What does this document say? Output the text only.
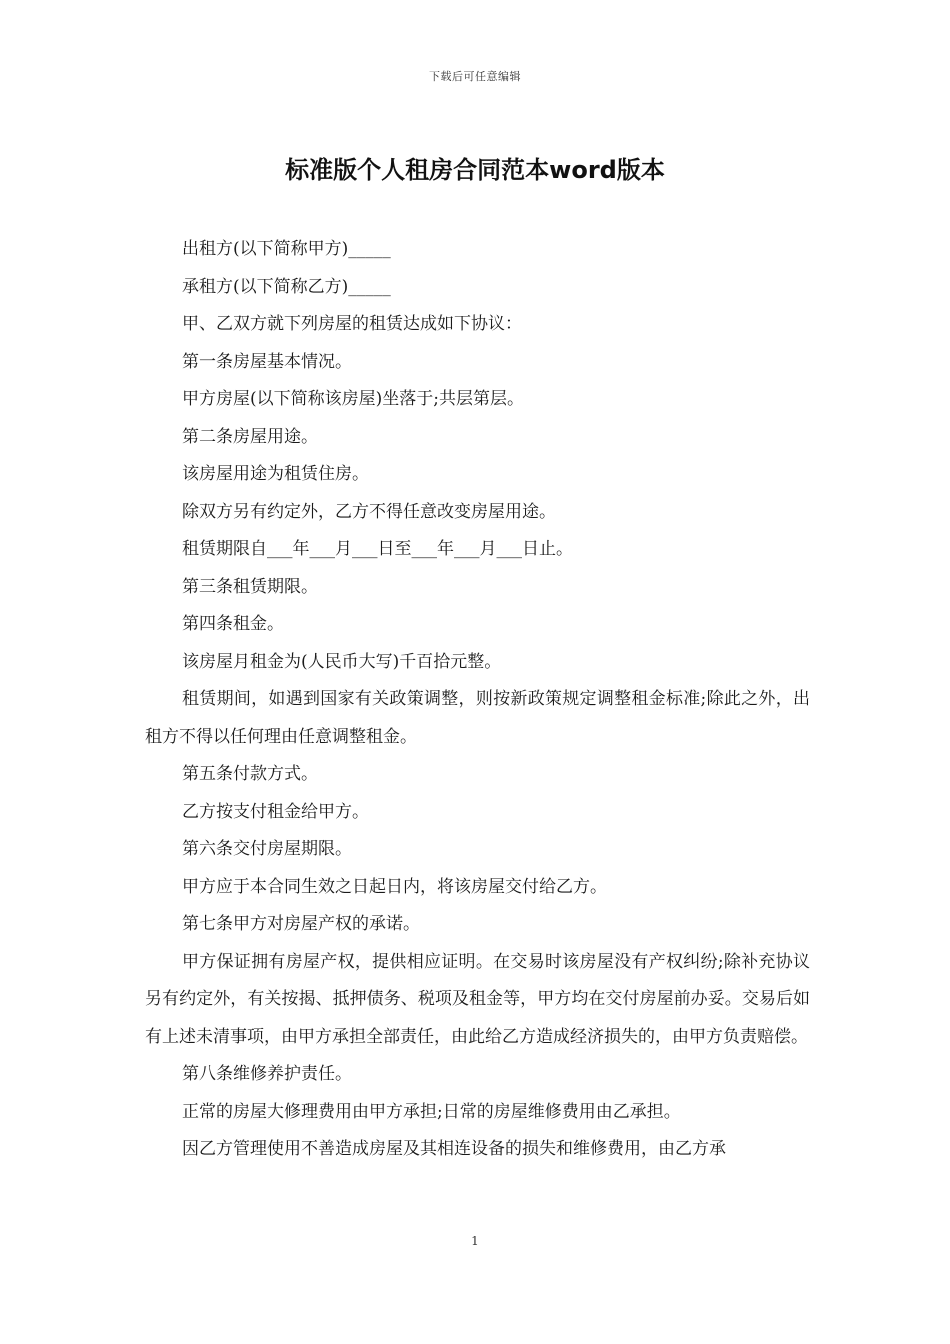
下载后可任意编辑
标准版个人租房合同范本word版本

出租方(以下简称甲方)_____

承租方(以下简称乙方)_____

甲、乙双方就下列房屋的租赁达成如下协议：

第一条房屋基本情况。

甲方房屋(以下简称该房屋)坐落于;共层第层。

第二条房屋用途。

该房屋用途为租赁住房。

除双方另有约定外，乙方不得任意改变房屋用途。

租赁期限自___年___月___日至___年___月___日止。

第三条租赁期限。

第四条租金。

该房屋月租金为(人民币大写)千百拾元整。

租赁期间，如遇到国家有关政策调整，则按新政策规定调整租金标准;除此之外，出租方不得以任何理由任意调整租金。

第五条付款方式。

乙方按支付租金给甲方。

第六条交付房屋期限。

甲方应于本合同生效之日起日内，将该房屋交付给乙方。

第七条甲方对房屋产权的承诺。

甲方保证拥有房屋产权，提供相应证明。在交易时该房屋没有产权纠纷;除补充协议另有约定外，有关按揭、抵押债务、税项及租金等，甲方均在交付房屋前办妥。交易后如有上述未清事项，由甲方承担全部责任，由此给乙方造成经济损失的，由甲方负责赔偿。

第八条维修养护责任。

正常的房屋大修理费用由甲方承担;日常的房屋维修费用由乙承担。

因乙方管理使用不善造成房屋及其相连设备的损失和维修费用，由乙方承

1
